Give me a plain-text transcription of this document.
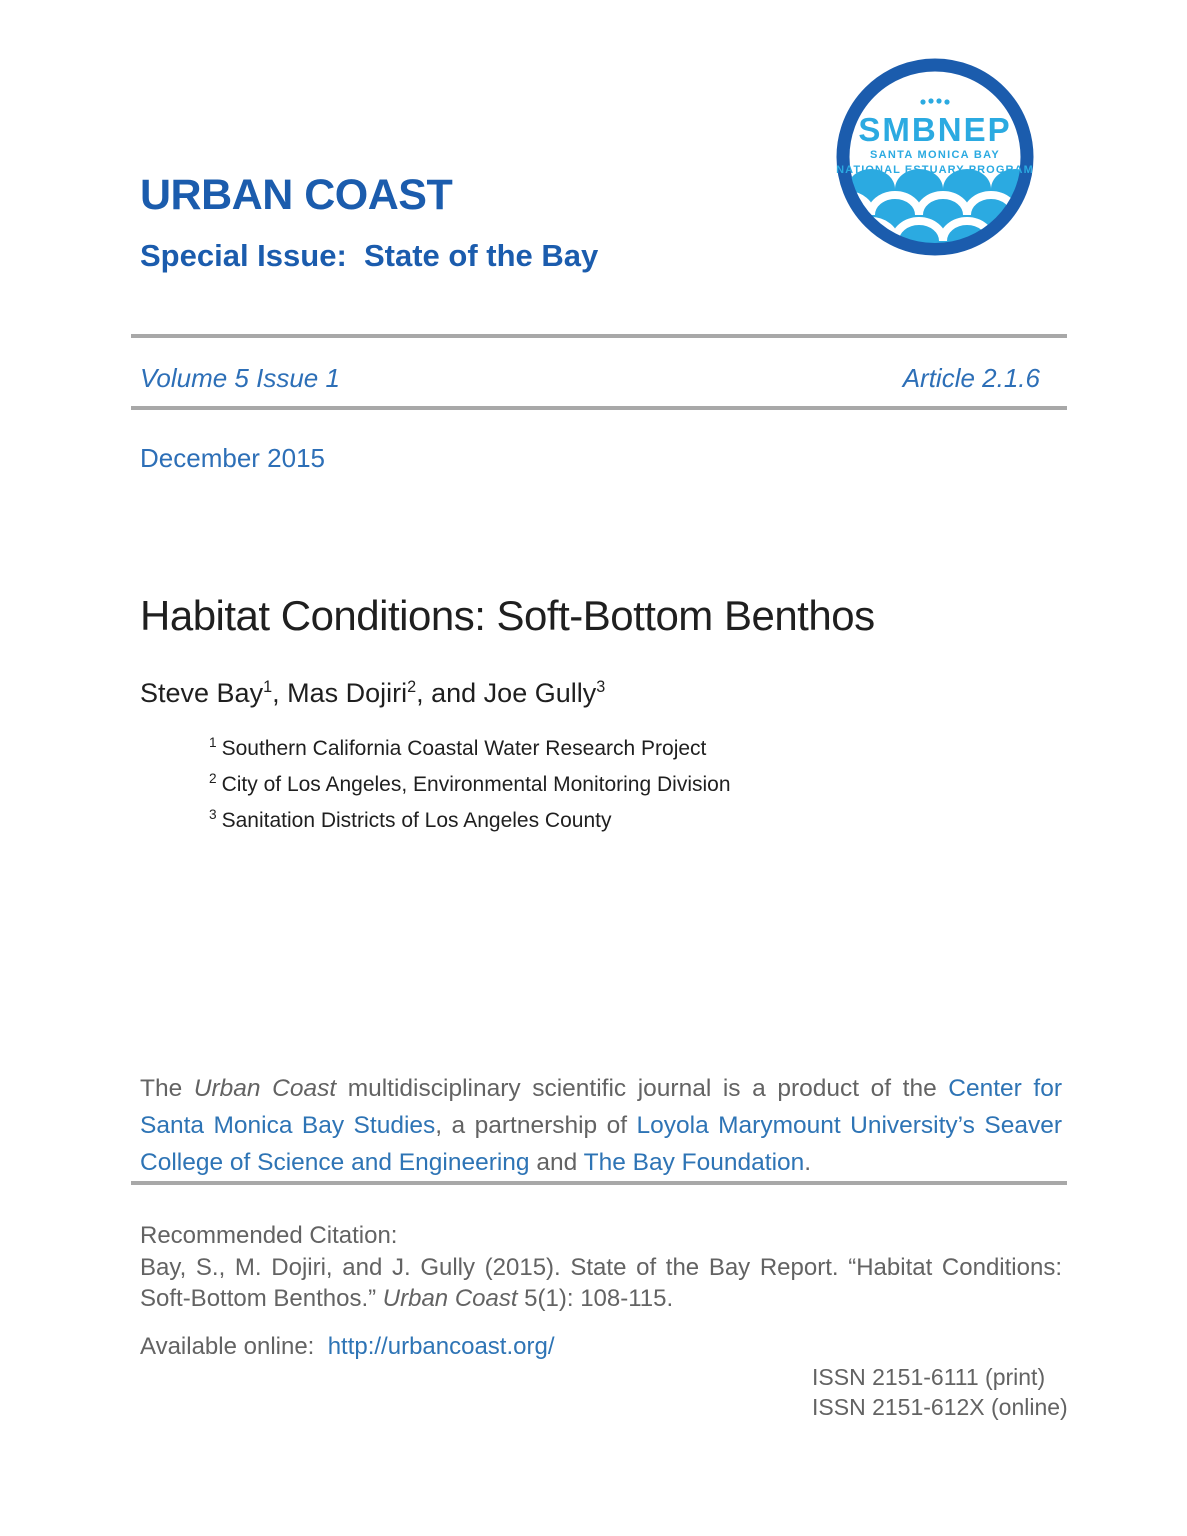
URBAN COAST
Special Issue:  State of the Bay
SMBNEP
SANTA MONICA BAY
NATIONAL ESTUARY PROGRAM
Volume 5 Issue 1	Article 2.1.6
December 2015
Habitat Conditions: Soft-Bottom Benthos
Steve Bay$^1$, Mas Dojiri$^2$, and Joe Gully$^3$
$^1$ Southern California Coastal Water Research Project
$^2$ City of Los Angeles, Environmental Monitoring Division
$^3$ Sanitation Districts of Los Angeles County
The Urban Coast multidisciplinary scientific journal is a product of the Center for Santa Monica Bay Studies, a partnership of Loyola Marymount University’s Seaver College of Science and Engineering and The Bay Foundation.
Recommended Citation:
Bay, S., M. Dojiri, and J. Gully (2015). State of the Bay Report. “Habitat Conditions: Soft-Bottom Benthos.” Urban Coast 5(1): 108-115.
Available online:  http://urbancoast.org/
ISSN 2151-6111 (print)
ISSN 2151-612X (online)
